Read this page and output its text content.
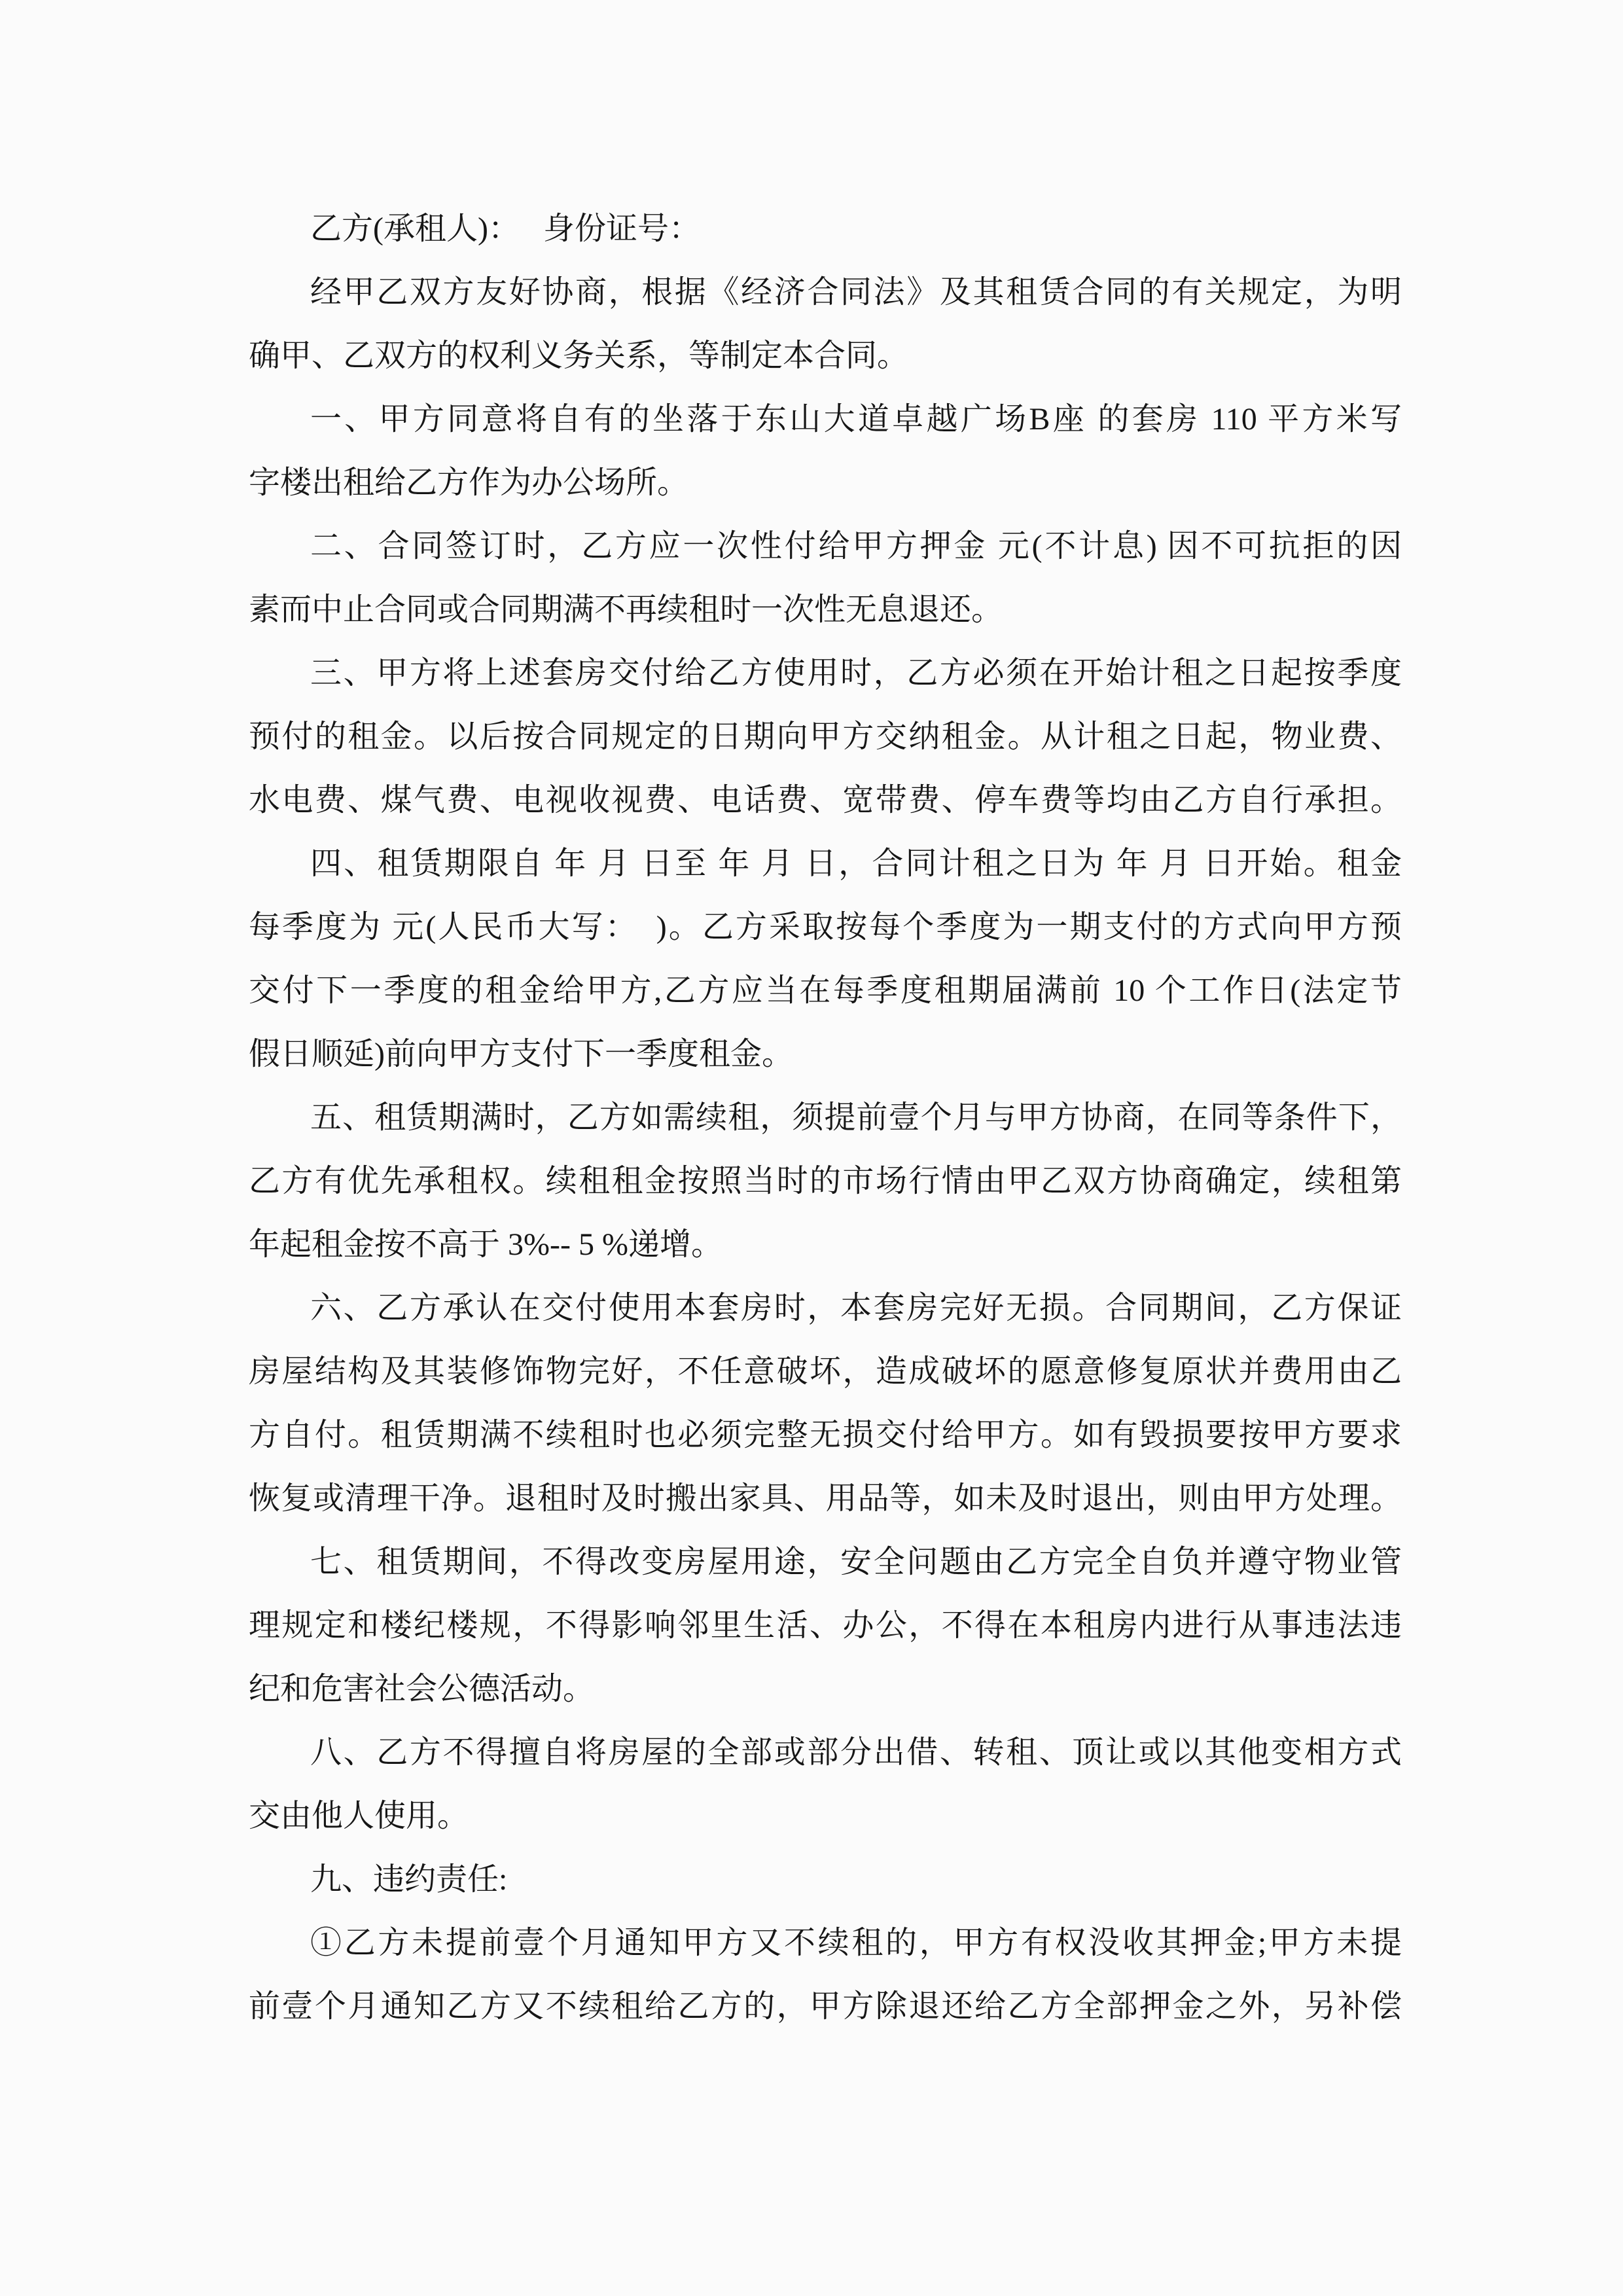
乙方(承租人)：　 身份证号：

经甲乙双方友好协商，根据《经济合同法》及其租赁合同的有关规定，为明

确甲、乙双方的权利义务关系，等制定本合同。

一、甲方同意将自有的坐落于东山大道卓越广场B座 的套房 110 平方米写

字楼出租给乙方作为办公场所。

二、合同签订时，乙方应一次性付给甲方押金 元(不计息) 因不可抗拒的因

素而中止合同或合同期满不再续租时一次性无息退还。

三、甲方将上述套房交付给乙方使用时，乙方必须在开始计租之日起按季度

预付的租金。以后按合同规定的日期向甲方交纳租金。从计租之日起，物业费、

水电费、煤气费、电视收视费、电话费、宽带费、停车费等均由乙方自行承担。

四、租赁期限自 年 月 日至 年 月 日，合同计租之日为 年 月 日开始。租金

每季度为 元(人民币大写：　)。乙方采取按每个季度为一期支付的方式向甲方预

交付下一季度的租金给甲方,乙方应当在每季度租期届满前 10 个工作日(法定节

假日顺延)前向甲方支付下一季度租金。

五、租赁期满时，乙方如需续租，须提前壹个月与甲方协商，在同等条件下，

乙方有优先承租权。续租租金按照当时的市场行情由甲乙双方协商确定，续租第

年起租金按不高于 3%-- 5 %递增。

六、乙方承认在交付使用本套房时，本套房完好无损。合同期间，乙方保证

房屋结构及其装修饰物完好，不任意破坏，造成破坏的愿意修复原状并费用由乙

方自付。租赁期满不续租时也必须完整无损交付给甲方。如有毁损要按甲方要求

恢复或清理干净。退租时及时搬出家具、用品等，如未及时退出，则由甲方处理。

七、租赁期间，不得改变房屋用途，安全问题由乙方完全自负并遵守物业管

理规定和楼纪楼规，不得影响邻里生活、办公，不得在本租房内进行从事违法违

纪和危害社会公德活动。

八、乙方不得擅自将房屋的全部或部分出借、转租、顶让或以其他变相方式

交由他人使用。

九、违约责任:

①乙方未提前壹个月通知甲方又不续租的，甲方有权没收其押金;甲方未提

前壹个月通知乙方又不续租给乙方的，甲方除退还给乙方全部押金之外，另补偿
